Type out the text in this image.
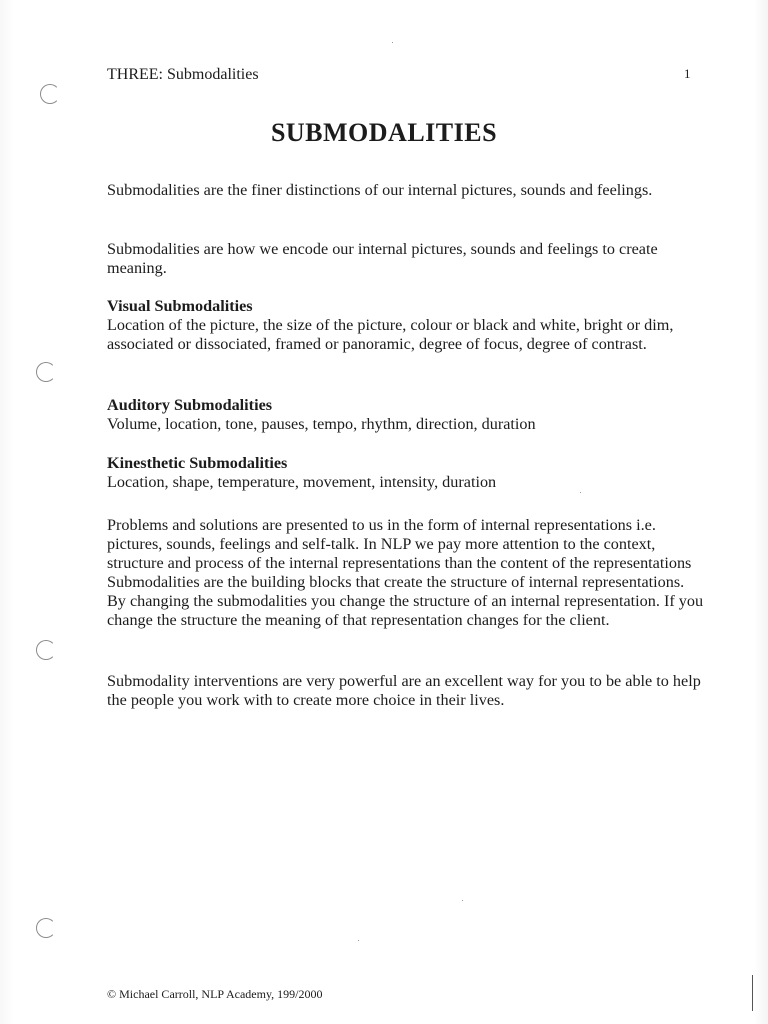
THREE: Submodalities	1
SUBMODALITIES

Submodalities are the finer distinctions of our internal pictures, sounds and feelings.

Submodalities are how we encode our internal pictures, sounds and feelings to create meaning.

Visual Submodalities

Location of the picture, the size of the picture, colour or black and white, bright or dim, associated or dissociated, framed or panoramic, degree of focus, degree of contrast.

Auditory Submodalities

Volume, location, tone, pauses, tempo, rhythm, direction, duration

Kinesthetic Submodalities

Location, shape, temperature, movement, intensity, duration

Problems and solutions are presented to us in the form of internal representations i.e. pictures, sounds, feelings and self-talk. In NLP we pay more attention to the context, structure and process of the internal representations than the content of the representations Submodalities are the building blocks that create the structure of internal representations. By changing the submodalities you change the structure of an internal representation. If you change the structure the meaning of that representation changes for the client.

Submodality interventions are very powerful are an excellent way for you to be able to help the people you work with to create more choice in their lives.

© Michael Carroll, NLP Academy, 199/2000
